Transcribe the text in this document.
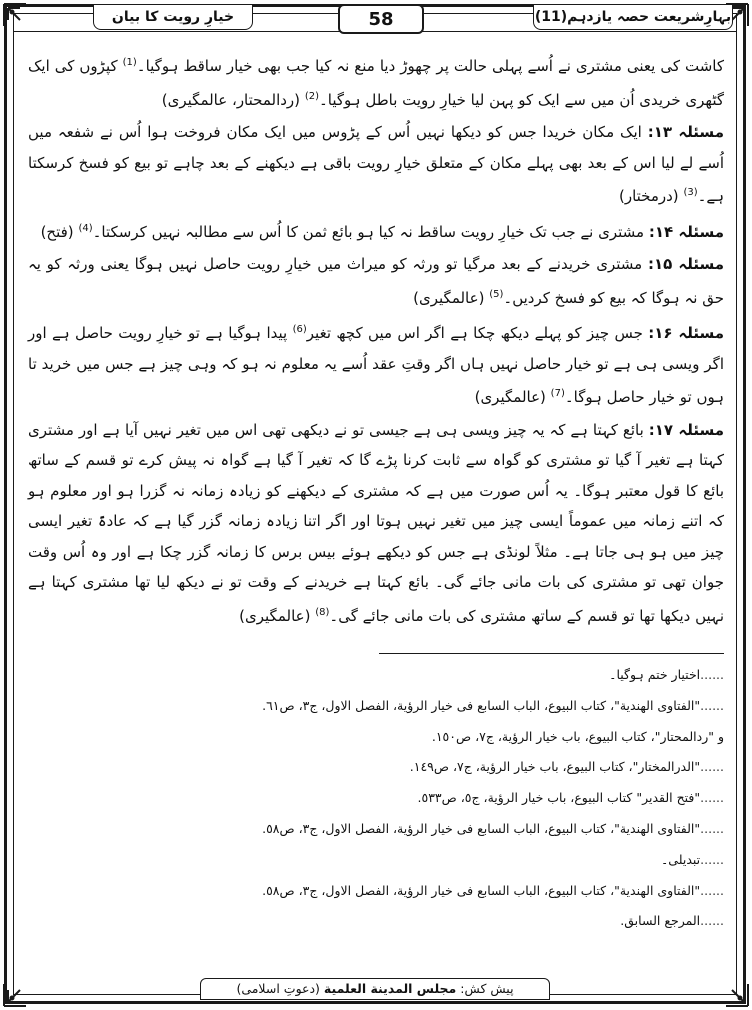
بہارِشریعت حصہ یازدہم(11)
58
خیارِ رویت کا بیان

کاشت کی یعنی مشتری نے اُسے پہلی حالت پر چھوڑ دیا منع نہ کیا جب بھی خیار ساقط ہوگیا۔$^{(1)}$ کپڑوں کی ایک گٹھری خریدی اُن میں سے ایک کو پہن لیا خیارِ رویت باطل ہوگیا۔$^{(2)}$ (ردالمحتار، عالمگیری)

مسئلہ ۱۳: ایک مکان خریدا جس کو دیکھا نہیں اُس کے پڑوس میں ایک مکان فروخت ہوا اُس نے شفعہ میں اُسے لے لیا اس کے بعد بھی پہلے مکان کے متعلق خیارِ رویت باقی ہے دیکھنے کے بعد چاہے تو بیع کو فسخ کرسکتا ہے۔$^{(3)}$ (درمختار)

مسئلہ ۱۴: مشتری نے جب تک خیارِ رویت ساقط نہ کیا ہو بائع ثمن کا اُس سے مطالبہ نہیں کرسکتا۔$^{(4)}$ (فتح)

مسئلہ ۱۵: مشتری خریدنے کے بعد مرگیا تو ورثہ کو میراث میں خیارِ رویت حاصل نہیں ہوگا یعنی ورثہ کو یہ حق نہ ہوگا کہ بیع کو فسخ کردیں۔$^{(5)}$ (عالمگیری)

مسئلہ ۱۶: جس چیز کو پہلے دیکھ چکا ہے اگر اس میں کچھ تغیر$^{(6)}$ پیدا ہوگیا ہے تو خیارِ رویت حاصل ہے اور اگر ویسی ہی ہے تو خیار حاصل نہیں ہاں اگر وقتِ عقد اُسے یہ معلوم نہ ہو کہ وہی چیز ہے جس میں خرید تا ہوں تو خیار حاصل ہوگا۔$^{(7)}$ (عالمگیری)

مسئلہ ۱۷: بائع کہتا ہے کہ یہ چیز ویسی ہی ہے جیسی تو نے دیکھی تھی اس میں تغیر نہیں آیا ہے اور مشتری کہتا ہے تغیر آ گیا تو مشتری کو گواہ سے ثابت کرنا پڑے گا کہ تغیر آ گیا ہے گواہ نہ پیش کرے تو قسم کے ساتھ بائع کا قول معتبر ہوگا۔ یہ اُس صورت میں ہے کہ مشتری کے دیکھنے کو زیادہ زمانہ نہ گزرا ہو اور معلوم ہو کہ اتنے زمانہ میں عموماً ایسی چیز میں تغیر نہیں ہوتا اور اگر اتنا زیادہ زمانہ گزر گیا ہے کہ عادۃً تغیر ایسی چیز میں ہو ہی جاتا ہے۔ مثلاً لونڈی ہے جس کو دیکھے ہوئے بیس برس کا زمانہ گزر چکا ہے اور وہ اُس وقت جوان تھی تو مشتری کی بات مانی جائے گی۔ بائع کہتا ہے خریدنے کے وقت تو نے دیکھ لیا تھا مشتری کہتا ہے نہیں دیکھا تھا تو قسم کے ساتھ مشتری کی بات مانی جائے گی۔$^{(8)}$ (عالمگیری)

......اختیار ختم ہوگیا۔
......"الفتاوی الهندية"، كتاب البيوع، الباب السابع فی خيار الرؤية، الفصل الاول، ج٣، ص٦١.
و "ردالمحتار"، كتاب البيوع، باب خيار الرؤية، ج٧، ص١٥٠.
......"الدرالمختار"، كتاب البيوع، باب خيار الرؤية، ج٧، ص١٤٩.
......"فتح القدير" كتاب البيوع، باب خيار الرؤية، ج٥، ص٥٣٣.
......"الفتاوی الهندية"، كتاب البيوع، الباب السابع فی خيار الرؤية، الفصل الاول، ج٣، ص٥٨.
......تبدیلی۔
......"الفتاوی الهندية"، كتاب البيوع، الباب السابع فی خيار الرؤية، الفصل الاول، ج٣، ص٥٨.
......المرجع السابق.
پیش کش: مجلس المدينة العلمية (دعوتِ اسلامی)
